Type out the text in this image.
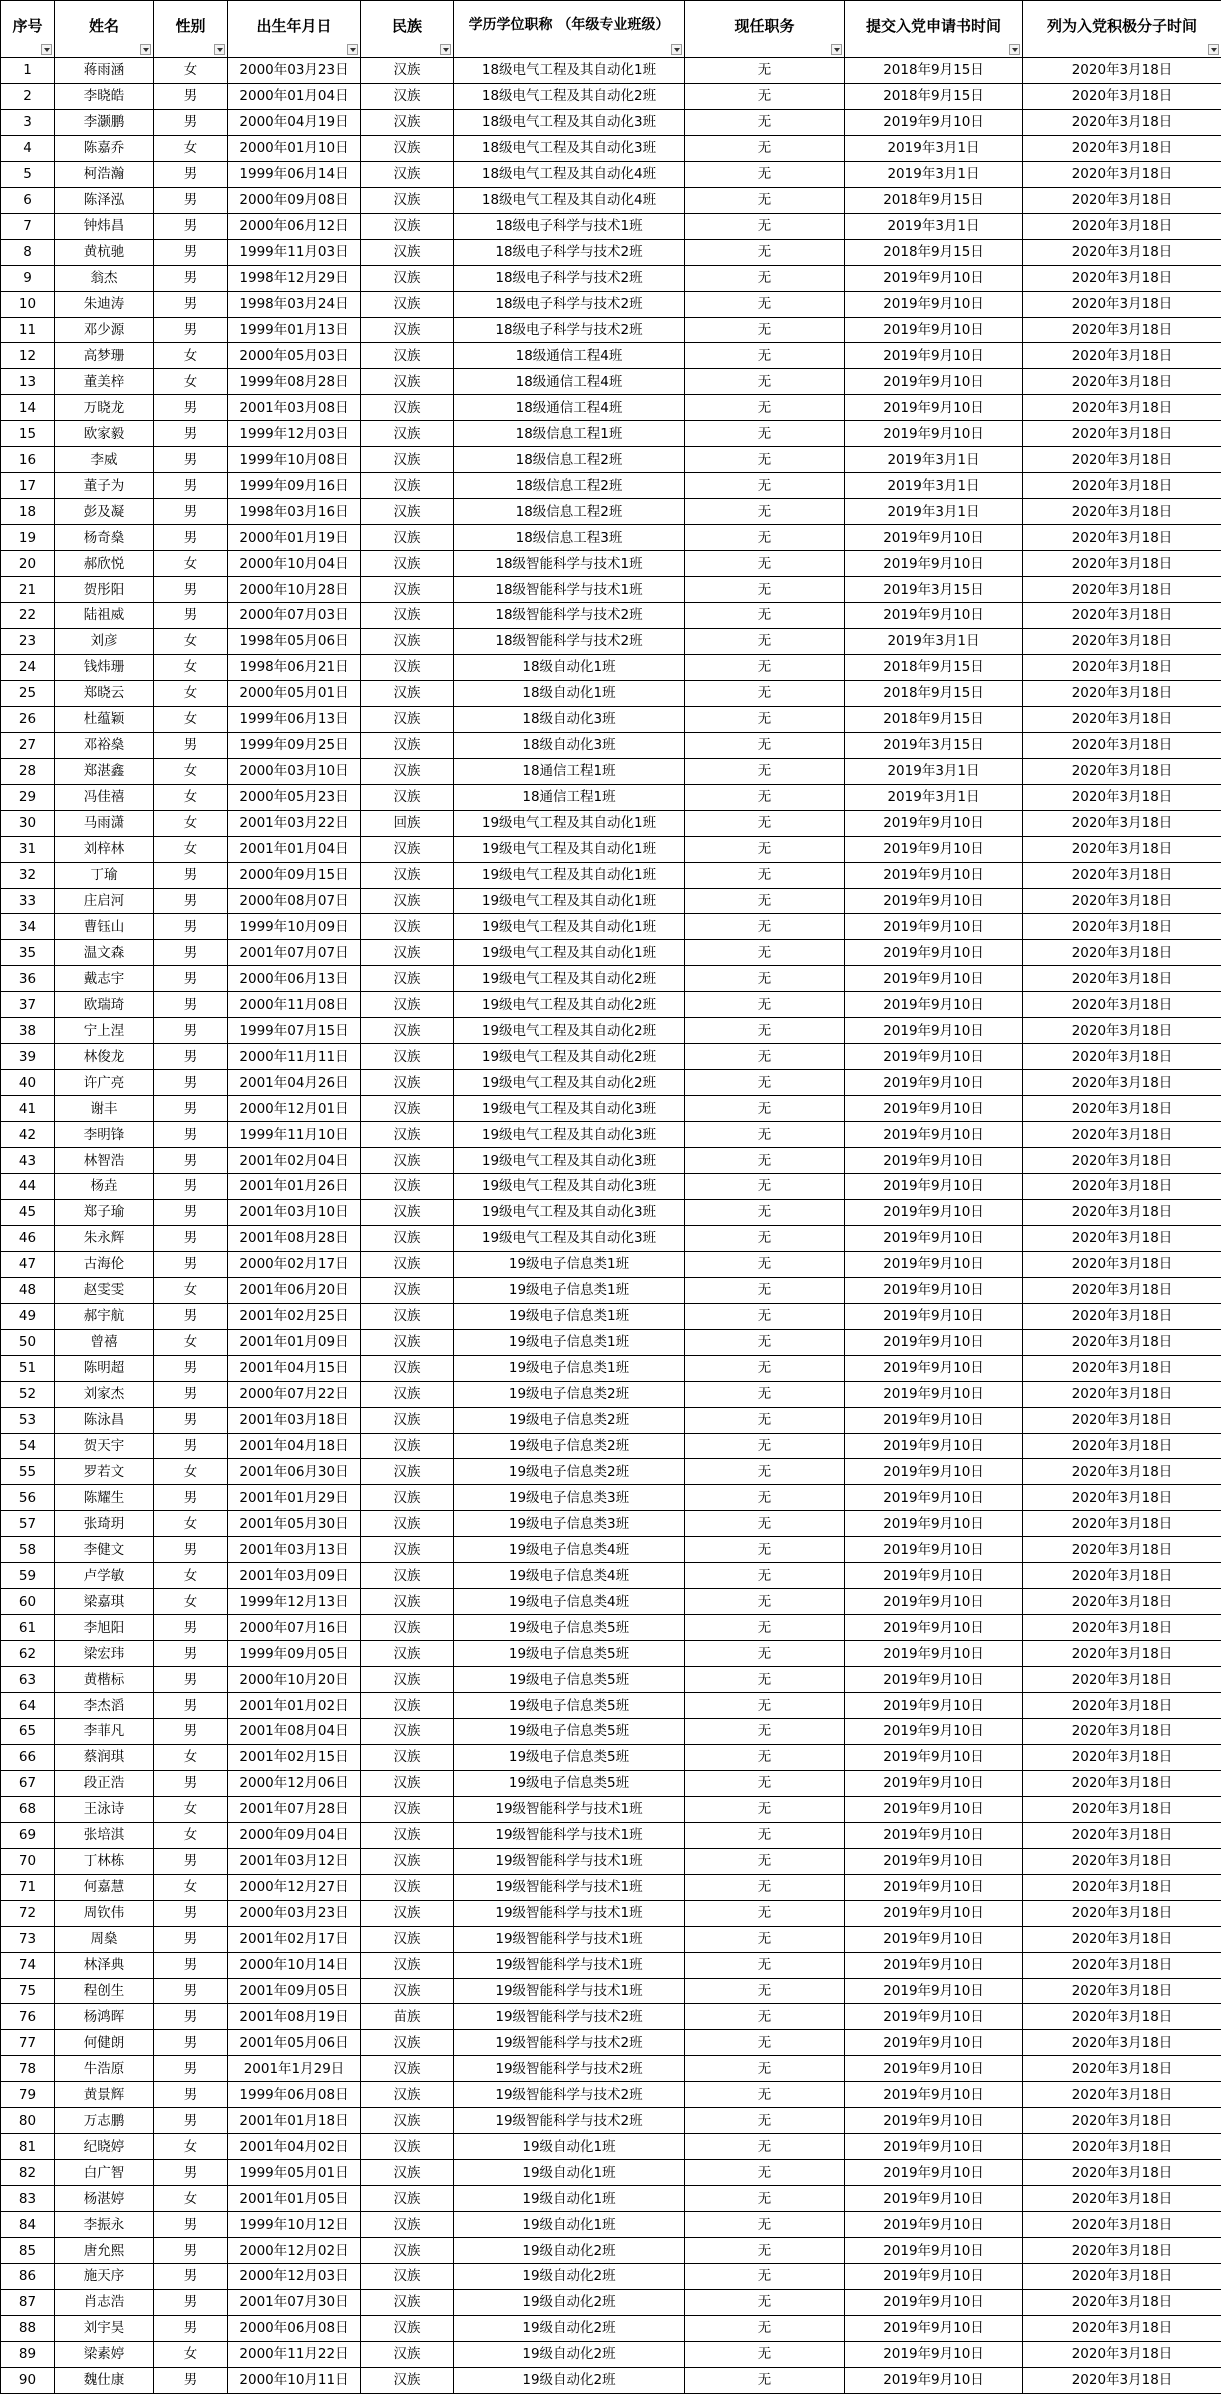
序号	姓名	性别	出生年月日	民族	学历学位职称 （年级专业班级）	现任职务	提交入党申请书时间	列为入党积极分子时间

1	蒋雨涵	女	2000年03月23日	汉族	18级电气工程及其自动化1班	无	2018年9月15日	2020年3月18日
2	李晓皓	男	2000年01月04日	汉族	18级电气工程及其自动化2班	无	2018年9月15日	2020年3月18日
3	李灏鹏	男	2000年04月19日	汉族	18级电气工程及其自动化3班	无	2019年9月10日	2020年3月18日
4	陈嘉乔	女	2000年01月10日	汉族	18级电气工程及其自动化3班	无	2019年3月1日	2020年3月18日
5	柯浩瀚	男	1999年06月14日	汉族	18级电气工程及其自动化4班	无	2019年3月1日	2020年3月18日
6	陈泽泓	男	2000年09月08日	汉族	18级电气工程及其自动化4班	无	2018年9月15日	2020年3月18日
7	钟炜昌	男	2000年06月12日	汉族	18级电子科学与技术1班	无	2019年3月1日	2020年3月18日
8	黄杭驰	男	1999年11月03日	汉族	18级电子科学与技术2班	无	2018年9月15日	2020年3月18日
9	翁杰	男	1998年12月29日	汉族	18级电子科学与技术2班	无	2019年9月10日	2020年3月18日
10	朱迪涛	男	1998年03月24日	汉族	18级电子科学与技术2班	无	2019年9月10日	2020年3月18日
11	邓少源	男	1999年01月13日	汉族	18级电子科学与技术2班	无	2019年9月10日	2020年3月18日
12	高梦珊	女	2000年05月03日	汉族	18级通信工程4班	无	2019年9月10日	2020年3月18日
13	董美梓	女	1999年08月28日	汉族	18级通信工程4班	无	2019年9月10日	2020年3月18日
14	万晓龙	男	2001年03月08日	汉族	18级通信工程4班	无	2019年9月10日	2020年3月18日
15	欧家毅	男	1999年12月03日	汉族	18级信息工程1班	无	2019年9月10日	2020年3月18日
16	李威	男	1999年10月08日	汉族	18级信息工程2班	无	2019年3月1日	2020年3月18日
17	董子为	男	1999年09月16日	汉族	18级信息工程2班	无	2019年3月1日	2020年3月18日
18	彭及凝	男	1998年03月16日	汉族	18级信息工程2班	无	2019年3月1日	2020年3月18日
19	杨奇燊	男	2000年01月19日	汉族	18级信息工程3班	无	2019年9月10日	2020年3月18日
20	郝欣悦	女	2000年10月04日	汉族	18级智能科学与技术1班	无	2019年9月10日	2020年3月18日
21	贺彤阳	男	2000年10月28日	汉族	18级智能科学与技术1班	无	2019年3月15日	2020年3月18日
22	陆祖威	男	2000年07月03日	汉族	18级智能科学与技术2班	无	2019年9月10日	2020年3月18日
23	刘彦	女	1998年05月06日	汉族	18级智能科学与技术2班	无	2019年3月1日	2020年3月18日
24	钱炜珊	女	1998年06月21日	汉族	18级自动化1班	无	2018年9月15日	2020年3月18日
25	郑晓云	女	2000年05月01日	汉族	18级自动化1班	无	2018年9月15日	2020年3月18日
26	杜蕴颖	女	1999年06月13日	汉族	18级自动化3班	无	2018年9月15日	2020年3月18日
27	邓裕燊	男	1999年09月25日	汉族	18级自动化3班	无	2019年3月15日	2020年3月18日
28	郑湛鑫	女	2000年03月10日	汉族	18通信工程1班	无	2019年3月1日	2020年3月18日
29	冯佳禧	女	2000年05月23日	汉族	18通信工程1班	无	2019年3月1日	2020年3月18日
30	马雨潇	女	2001年03月22日	回族	19级电气工程及其自动化1班	无	2019年9月10日	2020年3月18日
31	刘梓林	女	2001年01月04日	汉族	19级电气工程及其自动化1班	无	2019年9月10日	2020年3月18日
32	丁瑜	男	2000年09月15日	汉族	19级电气工程及其自动化1班	无	2019年9月10日	2020年3月18日
33	庄启河	男	2000年08月07日	汉族	19级电气工程及其自动化1班	无	2019年9月10日	2020年3月18日
34	曹钰山	男	1999年10月09日	汉族	19级电气工程及其自动化1班	无	2019年9月10日	2020年3月18日
35	温文森	男	2001年07月07日	汉族	19级电气工程及其自动化1班	无	2019年9月10日	2020年3月18日
36	戴志宇	男	2000年06月13日	汉族	19级电气工程及其自动化2班	无	2019年9月10日	2020年3月18日
37	欧瑞琦	男	2000年11月08日	汉族	19级电气工程及其自动化2班	无	2019年9月10日	2020年3月18日
38	宁上涅	男	1999年07月15日	汉族	19级电气工程及其自动化2班	无	2019年9月10日	2020年3月18日
39	林俊龙	男	2000年11月11日	汉族	19级电气工程及其自动化2班	无	2019年9月10日	2020年3月18日
40	许广亮	男	2001年04月26日	汉族	19级电气工程及其自动化2班	无	2019年9月10日	2020年3月18日
41	谢丰	男	2000年12月01日	汉族	19级电气工程及其自动化3班	无	2019年9月10日	2020年3月18日
42	李明锋	男	1999年11月10日	汉族	19级电气工程及其自动化3班	无	2019年9月10日	2020年3月18日
43	林智浩	男	2001年02月04日	汉族	19级电气工程及其自动化3班	无	2019年9月10日	2020年3月18日
44	杨垚	男	2001年01月26日	汉族	19级电气工程及其自动化3班	无	2019年9月10日	2020年3月18日
45	郑子瑜	男	2001年03月10日	汉族	19级电气工程及其自动化3班	无	2019年9月10日	2020年3月18日
46	朱永辉	男	2001年08月28日	汉族	19级电气工程及其自动化3班	无	2019年9月10日	2020年3月18日
47	古海伦	男	2000年02月17日	汉族	19级电子信息类1班	无	2019年9月10日	2020年3月18日
48	赵雯雯	女	2001年06月20日	汉族	19级电子信息类1班	无	2019年9月10日	2020年3月18日
49	郝宇航	男	2001年02月25日	汉族	19级电子信息类1班	无	2019年9月10日	2020年3月18日
50	曾禧	女	2001年01月09日	汉族	19级电子信息类1班	无	2019年9月10日	2020年3月18日
51	陈明超	男	2001年04月15日	汉族	19级电子信息类1班	无	2019年9月10日	2020年3月18日
52	刘家杰	男	2000年07月22日	汉族	19级电子信息类2班	无	2019年9月10日	2020年3月18日
53	陈泳昌	男	2001年03月18日	汉族	19级电子信息类2班	无	2019年9月10日	2020年3月18日
54	贺天宇	男	2001年04月18日	汉族	19级电子信息类2班	无	2019年9月10日	2020年3月18日
55	罗若文	女	2001年06月30日	汉族	19级电子信息类2班	无	2019年9月10日	2020年3月18日
56	陈耀生	男	2001年01月29日	汉族	19级电子信息类3班	无	2019年9月10日	2020年3月18日
57	张琦玥	女	2001年05月30日	汉族	19级电子信息类3班	无	2019年9月10日	2020年3月18日
58	李健文	男	2001年03月13日	汉族	19级电子信息类4班	无	2019年9月10日	2020年3月18日
59	卢学敏	女	2001年03月09日	汉族	19级电子信息类4班	无	2019年9月10日	2020年3月18日
60	梁嘉琪	女	1999年12月13日	汉族	19级电子信息类4班	无	2019年9月10日	2020年3月18日
61	李旭阳	男	2000年07月16日	汉族	19级电子信息类5班	无	2019年9月10日	2020年3月18日
62	梁宏玮	男	1999年09月05日	汉族	19级电子信息类5班	无	2019年9月10日	2020年3月18日
63	黄楷标	男	2000年10月20日	汉族	19级电子信息类5班	无	2019年9月10日	2020年3月18日
64	李杰滔	男	2001年01月02日	汉族	19级电子信息类5班	无	2019年9月10日	2020年3月18日
65	李菲凡	男	2001年08月04日	汉族	19级电子信息类5班	无	2019年9月10日	2020年3月18日
66	蔡润琪	女	2001年02月15日	汉族	19级电子信息类5班	无	2019年9月10日	2020年3月18日
67	段正浩	男	2000年12月06日	汉族	19级电子信息类5班	无	2019年9月10日	2020年3月18日
68	王泳诗	女	2001年07月28日	汉族	19级智能科学与技术1班	无	2019年9月10日	2020年3月18日
69	张培淇	女	2000年09月04日	汉族	19级智能科学与技术1班	无	2019年9月10日	2020年3月18日
70	丁林栋	男	2001年03月12日	汉族	19级智能科学与技术1班	无	2019年9月10日	2020年3月18日
71	何嘉慧	女	2000年12月27日	汉族	19级智能科学与技术1班	无	2019年9月10日	2020年3月18日
72	周钦伟	男	2000年03月23日	汉族	19级智能科学与技术1班	无	2019年9月10日	2020年3月18日
73	周燊	男	2001年02月17日	汉族	19级智能科学与技术1班	无	2019年9月10日	2020年3月18日
74	林泽典	男	2000年10月14日	汉族	19级智能科学与技术1班	无	2019年9月10日	2020年3月18日
75	程创生	男	2001年09月05日	汉族	19级智能科学与技术1班	无	2019年9月10日	2020年3月18日
76	杨鸿晖	男	2001年08月19日	苗族	19级智能科学与技术2班	无	2019年9月10日	2020年3月18日
77	何健朗	男	2001年05月06日	汉族	19级智能科学与技术2班	无	2019年9月10日	2020年3月18日
78	牛浩原	男	2001年1月29日	汉族	19级智能科学与技术2班	无	2019年9月10日	2020年3月18日
79	黄景辉	男	1999年06月08日	汉族	19级智能科学与技术2班	无	2019年9月10日	2020年3月18日
80	万志鹏	男	2001年01月18日	汉族	19级智能科学与技术2班	无	2019年9月10日	2020年3月18日
81	纪晓婷	女	2001年04月02日	汉族	19级自动化1班	无	2019年9月10日	2020年3月18日
82	白广智	男	1999年05月01日	汉族	19级自动化1班	无	2019年9月10日	2020年3月18日
83	杨湛婷	女	2001年01月05日	汉族	19级自动化1班	无	2019年9月10日	2020年3月18日
84	李振永	男	1999年10月12日	汉族	19级自动化1班	无	2019年9月10日	2020年3月18日
85	唐允熙	男	2000年12月02日	汉族	19级自动化2班	无	2019年9月10日	2020年3月18日
86	施天序	男	2000年12月03日	汉族	19级自动化2班	无	2019年9月10日	2020年3月18日
87	肖志浩	男	2001年07月30日	汉族	19级自动化2班	无	2019年9月10日	2020年3月18日
88	刘宇昊	男	2000年06月08日	汉族	19级自动化2班	无	2019年9月10日	2020年3月18日
89	梁素婷	女	2000年11月22日	汉族	19级自动化2班	无	2019年9月10日	2020年3月18日
90	魏仕康	男	2000年10月11日	汉族	19级自动化2班	无	2019年9月10日	2020年3月18日
